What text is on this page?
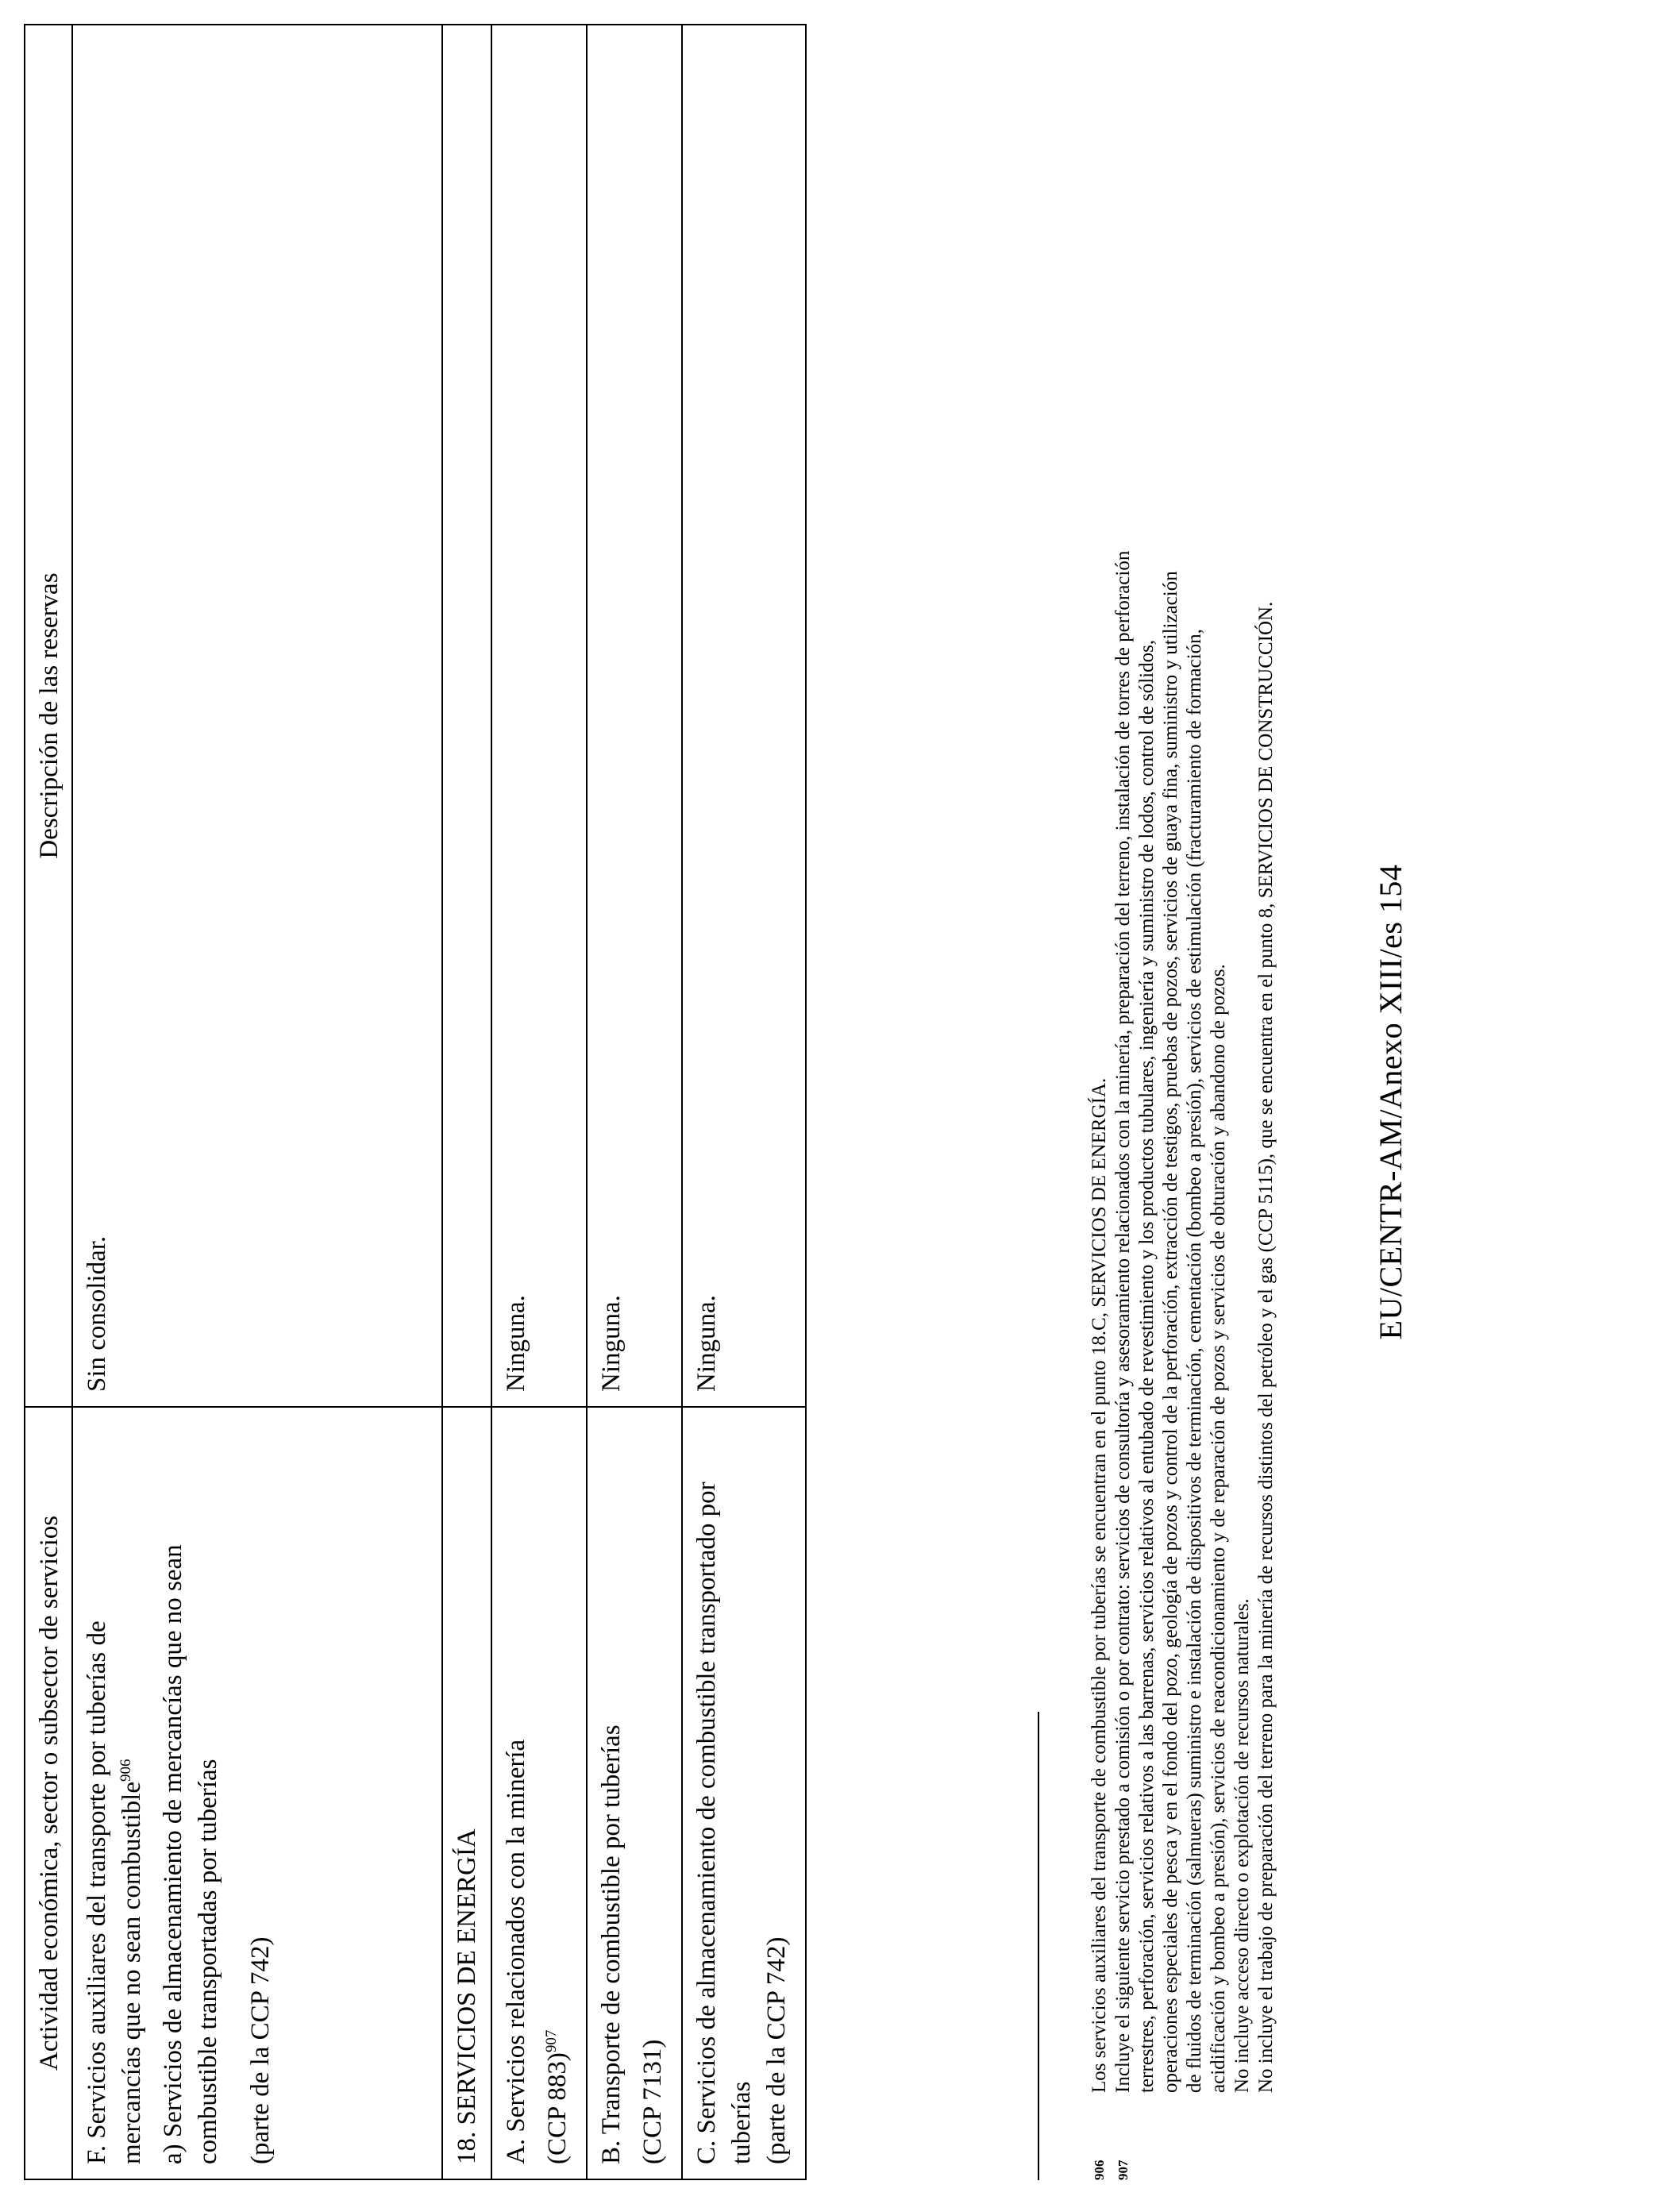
Actividad económica, sector o subsector de servicios	Descripción de las reservas

F. Servicios auxiliares del transporte por tuberías de mercancías que no sean combustible$^{906}$ a) Servicios de almacenamiento de mercancías que no sean combustible transportadas por tuberías (parte de la CCP 742)	Sin consolidar.
18. SERVICIOS DE ENERGÍA	

A. Servicios relacionados con la minería (CCP 883)$^{907}$	Ninguna.

B. Transporte de combustible por tuberías (CCP 7131)	Ninguna.

C. Servicios de almacenamiento de combustible transportado por tuberías (parte de la CCP 742)	Ninguna.
906
Los servicios auxiliares del transporte de combustible por tuberías se encuentran en el punto 18.C, SERVICIOS DE ENERGÍA.
907
Incluye el siguiente servicio prestado a comisión o por contrato: servicios de consultoría y asesoramiento relacionados con la minería, preparación del terreno, instalación de torres de perforación terrestres, perforación, servicios relativos a las barrenas, servicios relativos al entubado de revestimiento y los productos tubulares, ingeniería y suministro de lodos, control de sólidos, operaciones especiales de pesca y en el fondo del pozo, geología de pozos y control de la perforación, extracción de testigos, pruebas de pozos, servicios de guaya fina, suministro y utilización de fluidos de terminación (salmueras) suministro e instalación de dispositivos de terminación, cementación (bombeo a presión), servicios de estimulación (fracturamiento de formación, acidificación y bombeo a presión), servicios de reacondicionamiento y de reparación de pozos y servicios de obturación y abandono de pozos. No incluye acceso directo o explotación de recursos naturales. No incluye el trabajo de preparación del terreno para la minería de recursos distintos del petróleo y el gas (CCP 5115), que se encuentra en el punto 8, SERVICIOS DE CONSTRUCCIÓN.	EU/CENTR-AM/Anexo XIII/es 154
